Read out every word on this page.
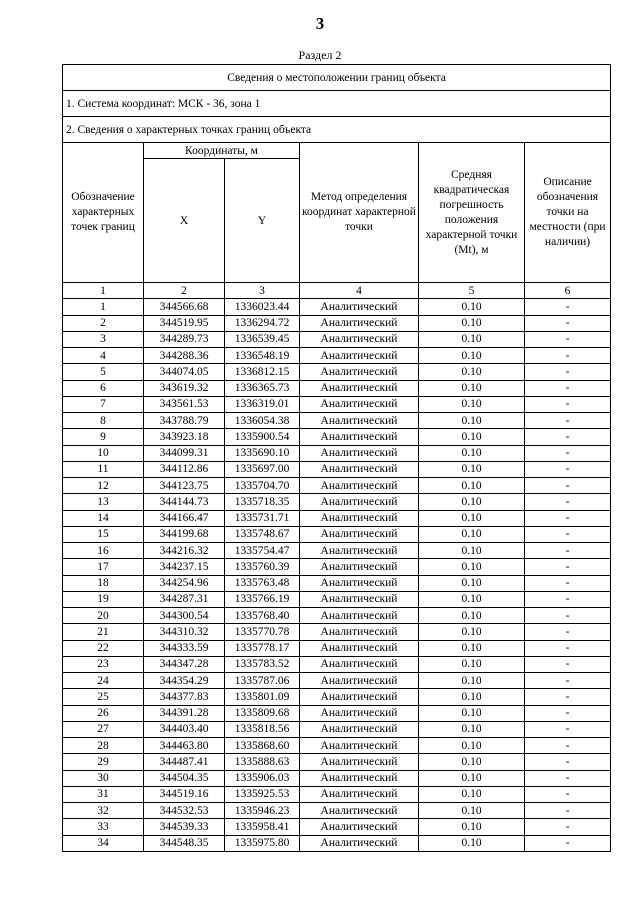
3
Раздел 2
Сведения о местоположении границ объекта					
1. Система координат: МСК - 36, зона 1					
2. Сведения о характерных точках границ объекта					
Обозначение характерных точек границ	Координаты, м		Метод определения координат характерной точки	Средняя квадратическая погрешность положения характерной точки (Mt), м	Описание обозначения точки на местности (при наличии)
	X	Y			
1	2	3	4	5	6
1	344566.68	1336023.44	Аналитический	0.10	-
2	344519.95	1336294.72	Аналитический	0.10	-
3	344289.73	1336539.45	Аналитический	0.10	-
4	344288.36	1336548.19	Аналитический	0.10	-
5	344074.05	1336812.15	Аналитический	0.10	-
6	343619.32	1336365.73	Аналитический	0.10	-
7	343561.53	1336319.01	Аналитический	0.10	-
8	343788.79	1336054.38	Аналитический	0.10	-
9	343923.18	1335900.54	Аналитический	0.10	-
10	344099.31	1335690.10	Аналитический	0.10	-
11	344112.86	1335697.00	Аналитический	0.10	-
12	344123.75	1335704.70	Аналитический	0.10	-
13	344144.73	1335718.35	Аналитический	0.10	-
14	344166.47	1335731.71	Аналитический	0.10	-
15	344199.68	1335748.67	Аналитический	0.10	-
16	344216.32	1335754.47	Аналитический	0.10	-
17	344237.15	1335760.39	Аналитический	0.10	-
18	344254.96	1335763.48	Аналитический	0.10	-
19	344287.31	1335766.19	Аналитический	0.10	-
20	344300.54	1335768.40	Аналитический	0.10	-
21	344310.32	1335770.78	Аналитический	0.10	-
22	344333.59	1335778.17	Аналитический	0.10	-
23	344347.28	1335783.52	Аналитический	0.10	-
24	344354.29	1335787.06	Аналитический	0.10	-
25	344377.83	1335801.09	Аналитический	0.10	-
26	344391.28	1335809.68	Аналитический	0.10	-
27	344403.40	1335818.56	Аналитический	0.10	-
28	344463.80	1335868.60	Аналитический	0.10	-
29	344487.41	1335888.63	Аналитический	0.10	-
30	344504.35	1335906.03	Аналитический	0.10	-
31	344519.16	1335925.53	Аналитический	0.10	-
32	344532.53	1335946.23	Аналитический	0.10	-
33	344539.33	1335958.41	Аналитический	0.10	-
34	344548.35	1335975.80	Аналитический	0.10	-
